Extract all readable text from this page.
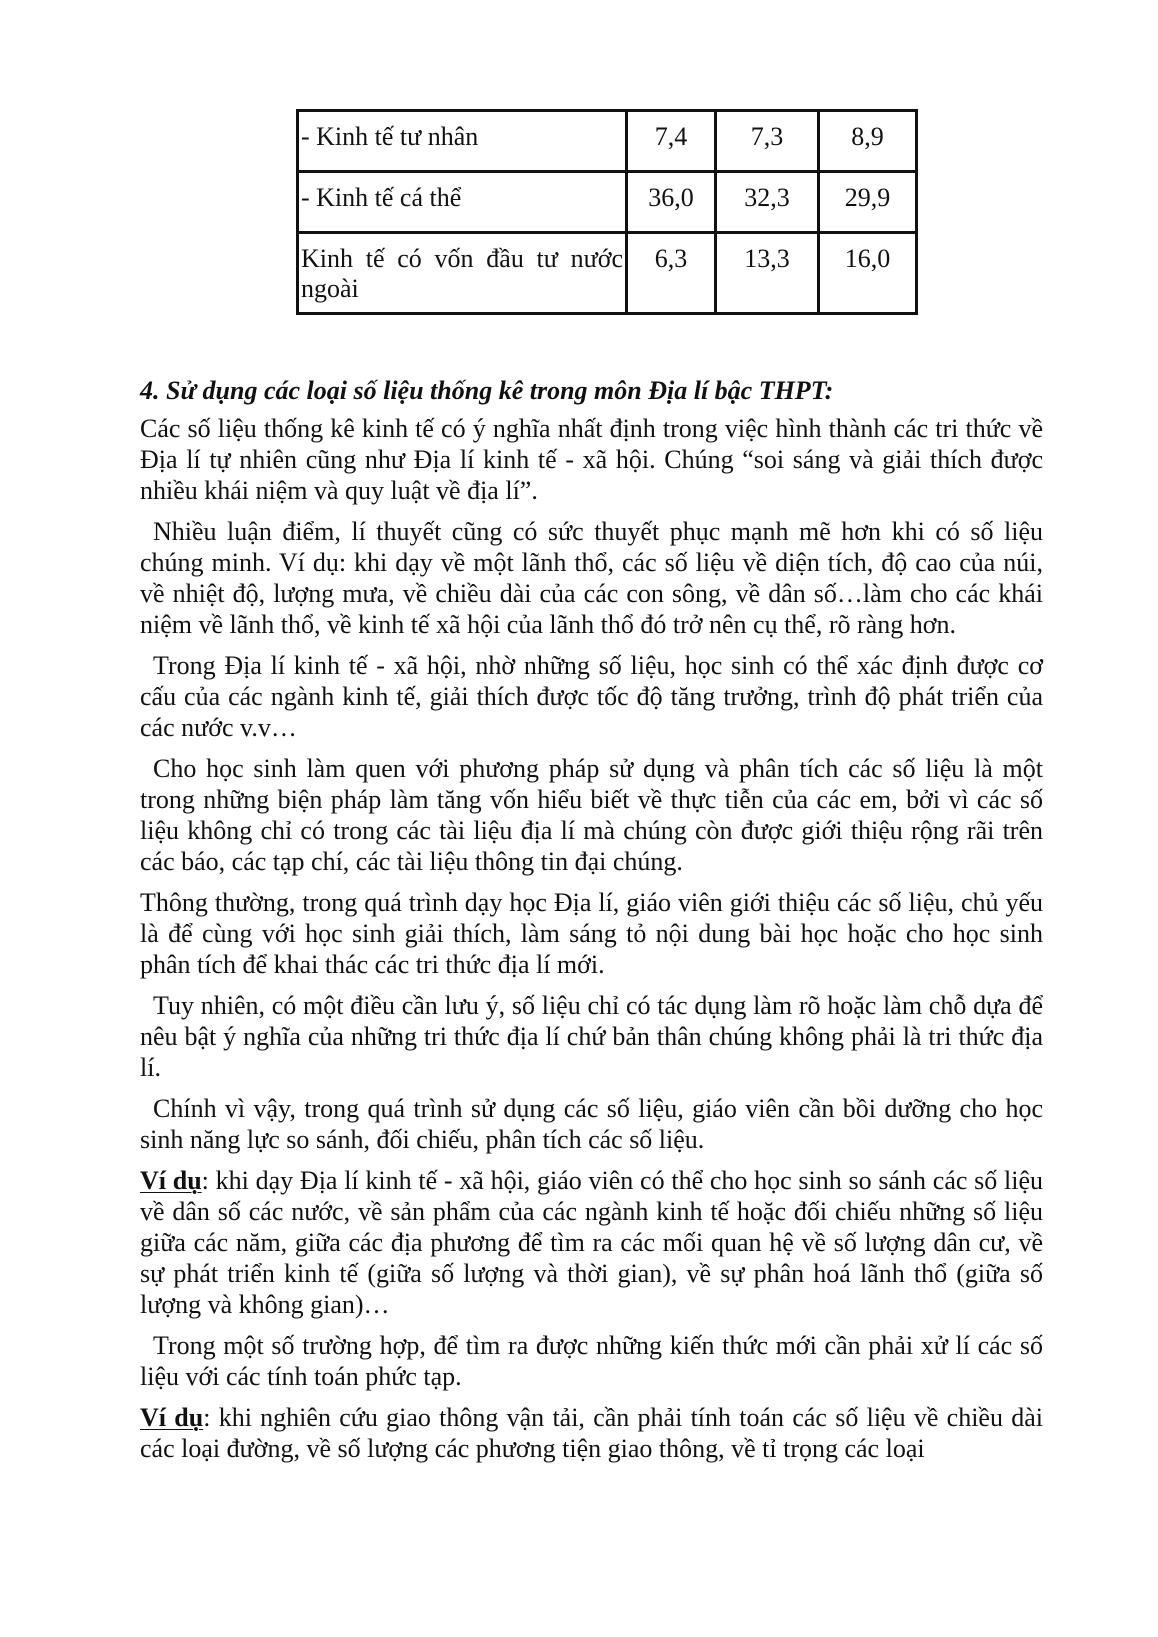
- Kinh tế tư nhân	7,4	7,3	8,9
- Kinh tế cá thể	36,0	32,3	29,9
Kinh tế có vốn đầu tư nước ngoài	6,3	13,3	16,0
4. Sử dụng các loại số liệu thống kê trong môn Địa lí bậc THPT:

Các số liệu thống kê kinh tế có ý nghĩa nhất định trong việc hình thành các tri thức về Địa lí tự nhiên cũng như Địa lí kinh tế - xã hội. Chúng “soi sáng và giải thích được nhiều khái niệm và quy luật về địa lí”.

Nhiều luận điểm, lí thuyết cũng có sức thuyết phục mạnh mẽ hơn khi có số liệu chúng minh. Ví dụ: khi dạy về một lãnh thổ, các số liệu về diện tích, độ cao của núi, về nhiệt độ, lượng mưa, về chiều dài của các con sông, về dân số…làm cho các khái niệm về lãnh thổ, về kinh tế xã hội của lãnh thổ đó trở nên cụ thể, rõ ràng hơn.

Trong Địa lí kinh tế - xã hội, nhờ những số liệu, học sinh có thể xác định được cơ cấu của các ngành kinh tế, giải thích được tốc độ tăng trưởng, trình độ phát triển của các nước v.v…

Cho học sinh làm quen với phương pháp sử dụng và phân tích các số liệu là một trong những biện pháp làm tăng vốn hiểu biết về thực tiễn của các em, bởi vì các số liệu không chỉ có trong các tài liệu địa lí mà chúng còn được giới thiệu rộng rãi trên các báo, các tạp chí, các tài liệu thông tin đại chúng.

Thông thường, trong quá trình dạy học Địa lí, giáo viên giới thiệu các số liệu, chủ yếu là để cùng với học sinh giải thích, làm sáng tỏ nội dung bài học hoặc cho học sinh phân tích để khai thác các tri thức địa lí mới.

Tuy nhiên, có một điều cần lưu ý, số liệu chỉ có tác dụng làm rõ hoặc làm chỗ dựa để nêu bật ý nghĩa của những tri thức địa lí chứ bản thân chúng không phải là tri thức địa lí.

Chính vì vậy, trong quá trình sử dụng các số liệu, giáo viên cần bồi dưỡng cho học sinh năng lực so sánh, đối chiếu, phân tích các số liệu.

Ví dụ: khi dạy Địa lí kinh tế - xã hội, giáo viên có thể cho học sinh so sánh các số liệu về dân số các nước, về sản phẩm của các ngành kinh tế hoặc đối chiếu những số liệu giữa các năm, giữa các địa phương để tìm ra các mối quan hệ về số lượng dân cư, về sự phát triển kinh tế (giữa số lượng và thời gian), về sự phân hoá lãnh thổ (giữa số lượng và không gian)…

Trong một số trường hợp, để tìm ra được những kiến thức mới cần phải xử lí các số liệu với các tính toán phức tạp.

Ví dụ: khi nghiên cứu giao thông vận tải, cần phải tính toán các số liệu về chiều dài các loại đường, về số lượng các phương tiện giao thông, về tỉ trọng các loại
